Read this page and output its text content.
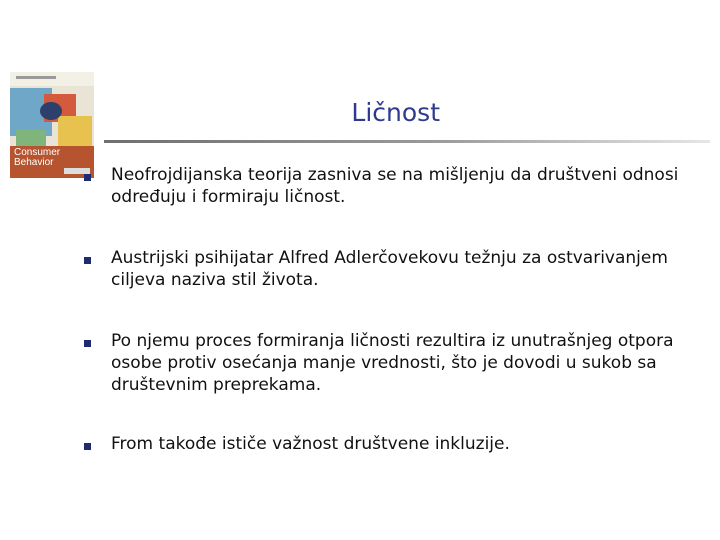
Consumer
Behavior
Ličnost
Neofrojdijanska teorija zasniva se na mišljenju da društveni odnosi određuju i formiraju ličnost.
Austrijski psihijatar Alfred Adlerčovekovu težnju za ostvarivanjem ciljeva naziva stil života.
Po njemu proces formiranja ličnosti rezultira iz unutrašnjeg otpora osobe protiv osećanja manje vrednosti, što je dovodi u sukob sa društevnim preprekama.
From takođe ističe važnost društvene inkluzije.
